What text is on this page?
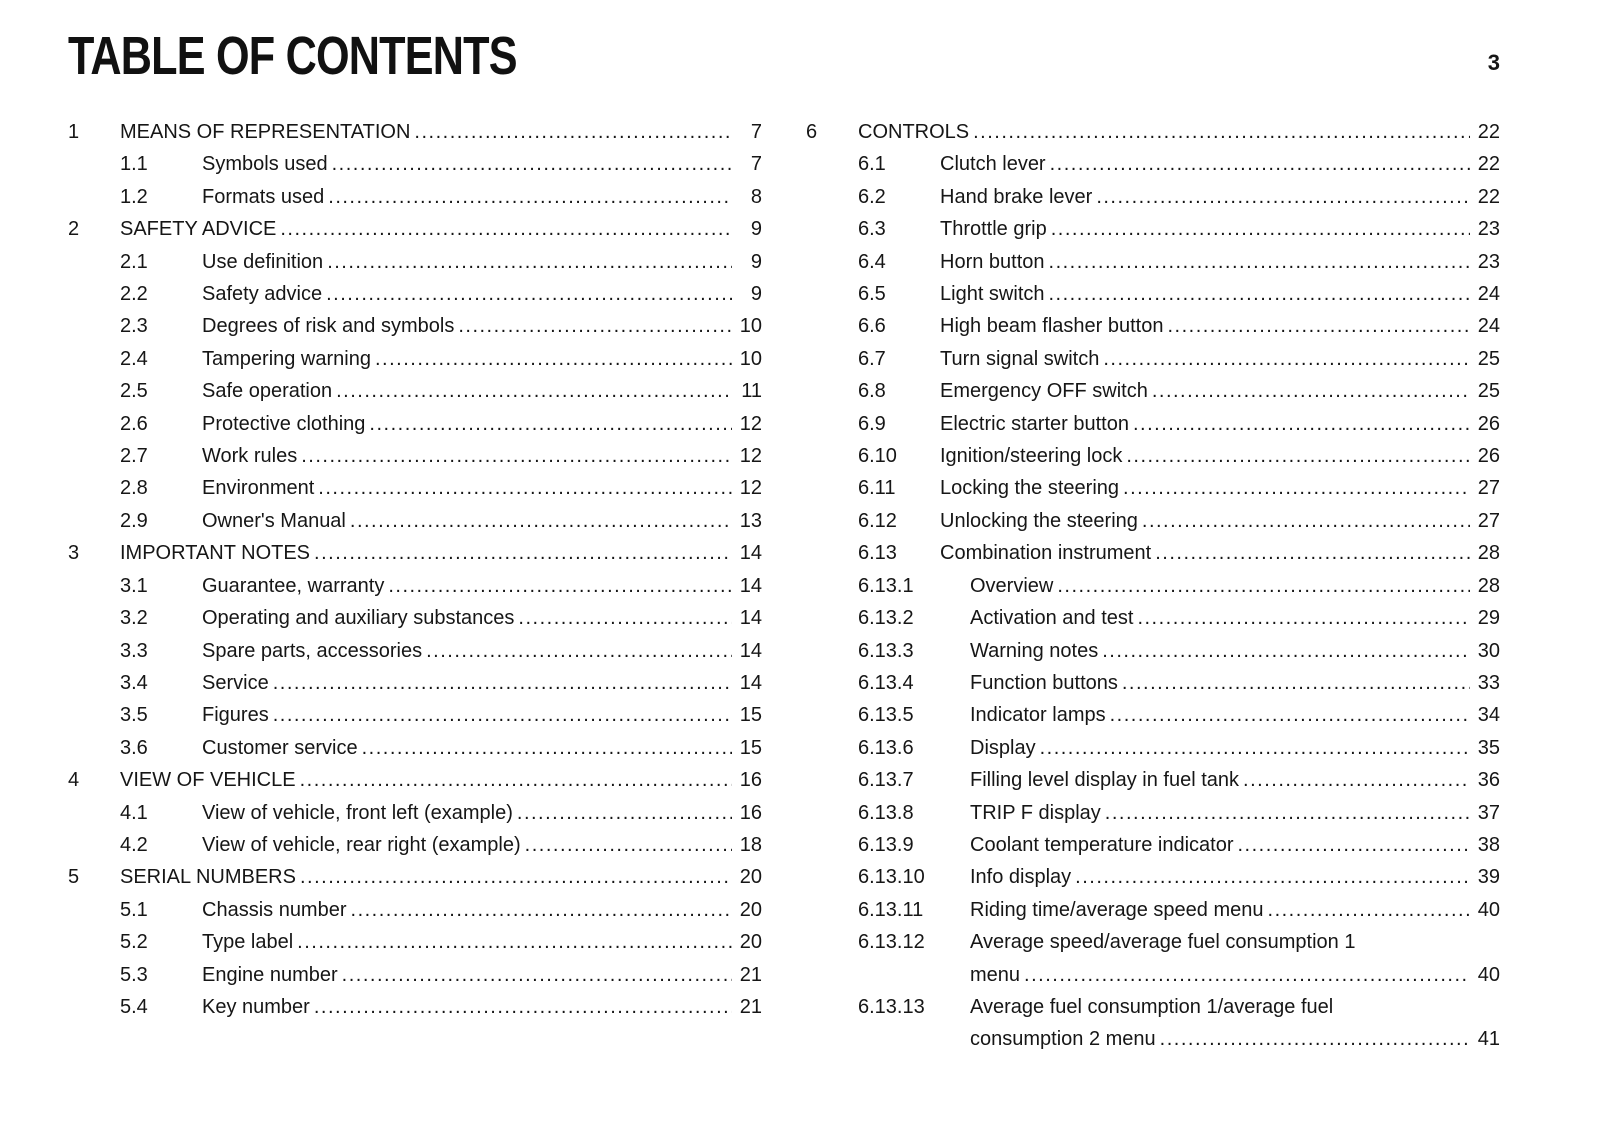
TABLE OF CONTENTS	3
1	MEANS OF REPRESENTATION .....	7
1.1	Symbols used .....	7
1.2	Formats used .....	8
2	SAFETY ADVICE .....	9
2.1	Use definition .....	9
2.2	Safety advice .....	9
2.3	Degrees of risk and symbols .....	10
2.4	Tampering warning .....	10
2.5	Safe operation .....	11
2.6	Protective clothing .....	12
2.7	Work rules .....	12
2.8	Environment .....	12
2.9	Owner's Manual .....	13
3	IMPORTANT NOTES .....	14
3.1	Guarantee, warranty .....	14
3.2	Operating and auxiliary substances .....	14
3.3	Spare parts, accessories .....	14
3.4	Service .....	14
3.5	Figures .....	15
3.6	Customer service .....	15
4	VIEW OF VEHICLE .....	16
4.1	View of vehicle, front left (example) .....	16
4.2	View of vehicle, rear right (example) .....	18
5	SERIAL NUMBERS .....	20
5.1	Chassis number .....	20
5.2	Type label .....	20
5.3	Engine number .....	21
5.4	Key number .....	21
6	CONTROLS .....	22
6.1	Clutch lever .....	22
6.2	Hand brake lever .....	22
6.3	Throttle grip .....	23
6.4	Horn button .....	23
6.5	Light switch .....	24
6.6	High beam flasher button .....	24
6.7	Turn signal switch .....	25
6.8	Emergency OFF switch .....	25
6.9	Electric starter button .....	26
6.10	Ignition/steering lock .....	26
6.11	Locking the steering .....	27
6.12	Unlocking the steering .....	27
6.13	Combination instrument .....	28
6.13.1	Overview .....	28
6.13.2	Activation and test .....	29
6.13.3	Warning notes .....	30
6.13.4	Function buttons .....	33
6.13.5	Indicator lamps .....	34
6.13.6	Display .....	35
6.13.7	Filling level display in fuel tank .....	36
6.13.8	TRIP F display .....	37
6.13.9	Coolant temperature indicator .....	38
6.13.10	Info display .....	39
6.13.11	Riding time/average speed menu .....	40
6.13.12	Average speed/average fuel consumption 1
menu .....	40
6.13.13	Average fuel consumption 1/average fuel
consumption 2 menu .....	41
